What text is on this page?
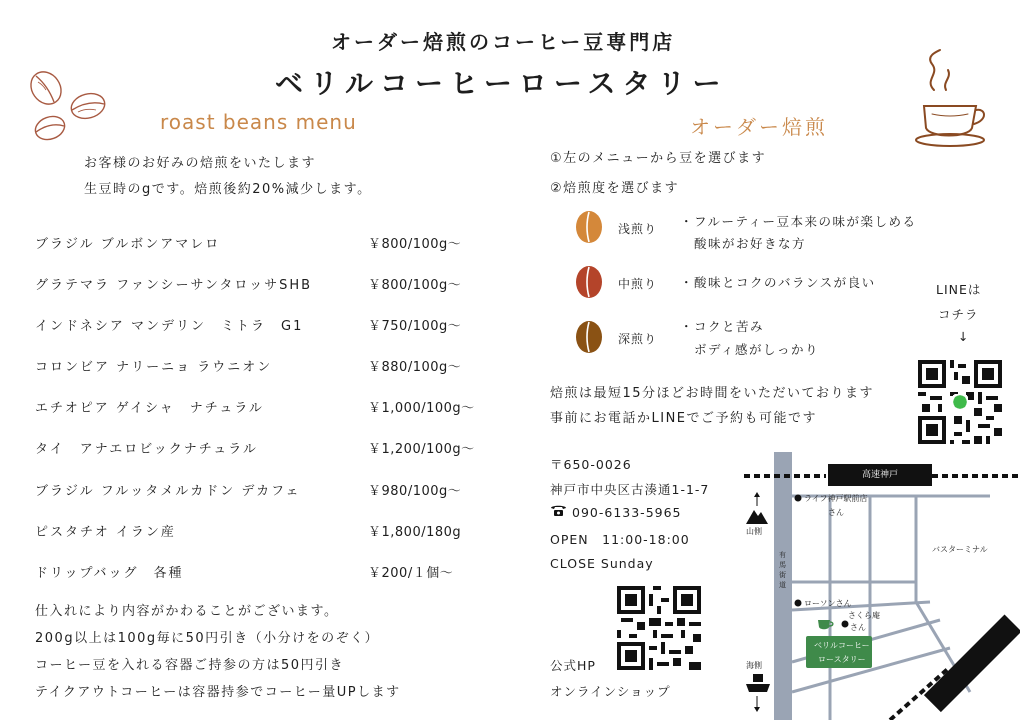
オーダー焙煎のコーヒー豆専門店
ベリルコーヒーロースタリー
roast beans menu
お客様のお好みの焙煎をいたします
生豆時のgです。焙煎後約20%減少します。
ブラジル ブルボンアマレロ	￥800/100g～
グラテマラ ファンシーサンタロッサSHB	￥800/100g～
インドネシア マンデリン　ミトラ　G1	￥750/100g～
コロンビア ナリーニョ ラウニオン	￥880/100g～
エチオピア ゲイシャ　ナチュラル	￥1,000/100g～
タイ　アナエロビックナチュラル	￥1,200/100g～
ブラジル フルッタメルカドン デカフェ	￥980/100g～
ピスタチオ イラン産	￥1,800/180g
ドリップバッグ　各種	￥200/１個～
仕入れにより内容がかわることがございます。
200g以上は100g毎に50円引き（小分けをのぞく）
コーヒー豆を入れる容器ご持参の方は50円引き
テイクアウトコーヒーは容器持参でコーヒー量UPします
オーダー焙煎
①左のメニューから豆を選びます
②焙煎度を選びます
浅煎り ・フルーティー豆本来の味が楽しめる
酸味がお好きな方
中煎り ・酸味とコクのバランスが良い
深煎り
・コクと苦み
ボディ感がしっかり
LINEは
コチラ
↓
焙煎は最短15分ほどお時間をいただいております
事前にお電話かLINEでご予約も可能です
〒650-0026
神戸市中央区古湊通1-1-7
090-6133-5965
OPEN　11:00-18:00
CLOSE Sunday
公式HP
オンラインショップ
高速神戸
ライフ神戸駅前店
さん
山側
有馬街道
バスターミナル
ローソンさん
さくら庵
さん
ベリルコーヒー
ロースタリー
JR神戸駅
海側
